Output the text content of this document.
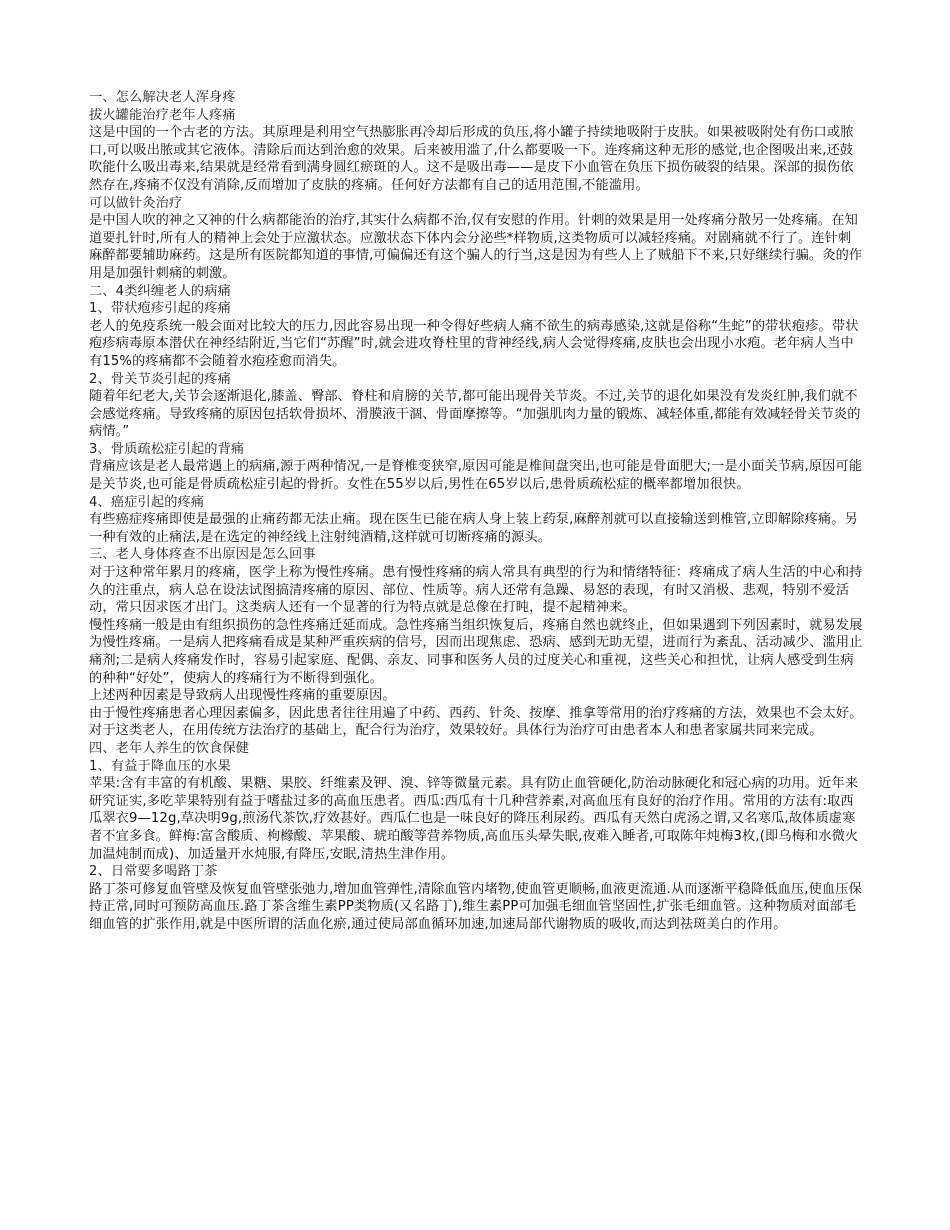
一、怎么解决老人浑身疼
拔火罐能治疗老年人疼痛
这是中国的一个古老的方法。其原理是利用空气热膨胀再冷却后形成的负压,将小罐子持续地吸附于皮肤。如果被吸附处有伤口或脓口,可以吸出脓或其它液体。清除后而达到治愈的效果。后来被用滥了,什么都要吸一下。连疼痛这种无形的感觉,也企图吸出来,还鼓吹能什么吸出毒来,结果就是经常看到满身圆红瘀斑的人。这不是吸出毒——是皮下小血管在负压下损伤破裂的结果。深部的损伤依然存在,疼痛不仅没有消除,反而增加了皮肤的疼痛。任何好方法都有自己的适用范围,不能滥用。
可以做针灸治疗
是中国人吹的神之又神的什么病都能治的治疗,其实什么病都不治,仅有安慰的作用。针刺的效果是用一处疼痛分散另一处疼痛。在知道要扎针时,所有人的精神上会处于应激状态。应激状态下体内会分泌些*样物质,这类物质可以减轻疼痛。对剧痛就不行了。连针刺麻醉都要辅助麻药。这是所有医院都知道的事情,可偏偏还有这个骗人的行当,这是因为有些人上了贼船下不来,只好继续行骗。灸的作用是加强针刺痛的刺激。
二、4类纠缠老人的病痛
1、带状疱疹引起的疼痛
老人的免疫系统一般会面对比较大的压力,因此容易出现一种令得好些病人痛不欲生的病毒感染,这就是俗称“生蛇”的带状疱疹。带状疱疹病毒原本潜伏在神经结附近,当它们“苏醒”时,就会进攻脊柱里的背神经线,病人会觉得疼痛,皮肤也会出现小水疱。老年病人当中有15%的疼痛都不会随着水疱痊愈而消失。
2、骨关节炎引起的疼痛
随着年纪老大,关节会逐渐退化,膝盖、臀部、脊柱和肩膀的关节,都可能出现骨关节炎。不过,关节的退化如果没有发炎红肿,我们就不会感觉疼痛。导致疼痛的原因包括软骨损坏、滑膜液干涸、骨面摩擦等。“加强肌肉力量的锻炼、减轻体重,都能有效减轻骨关节炎的病情。”
3、骨质疏松症引起的背痛
背痛应该是老人最常遇上的病痛,源于两种情况,一是脊椎变狭窄,原因可能是椎间盘突出,也可能是骨面肥大;一是小面关节病,原因可能是关节炎,也可能是骨质疏松症引起的骨折。女性在55岁以后,男性在65岁以后,患骨质疏松症的概率都增加很快。
4、癌症引起的疼痛
有些癌症疼痛即使是最强的止痛药都无法止痛。现在医生已能在病人身上装上药泵,麻醉剂就可以直接输送到椎管,立即解除疼痛。另一种有效的止痛法,是在选定的神经线上注射纯酒精,这样就可切断疼痛的源头。
三、老人身体疼查不出原因是怎么回事
对于这种常年累月的疼痛，医学上称为慢性疼痛。患有慢性疼痛的病人常具有典型的行为和情绪特征：疼痛成了病人生活的中心和持久的注重点，病人总在设法试图搞清疼痛的原因、部位、性质等。病人还常有急躁、易怒的表现，有时又消极、悲观，特别不爱活动，常只因求医才出门。这类病人还有一个显著的行为特点就是总像在打盹，提不起精神来。
慢性疼痛一般是由有组织损伤的急性疼痛迁延而成。急性疼痛当组织恢复后，疼痛自然也就终止，但如果遇到下列因素时，就易发展为慢性疼痛。一是病人把疼痛看成是某种严重疾病的信号，因而出现焦虑、恐病、感到无助无望，进而行为紊乱、活动减少、滥用止痛剂;二是病人疼痛发作时，容易引起家庭、配偶、亲友、同事和医务人员的过度关心和重视，这些关心和担忧，让病人感受到生病的种种“好处”，使病人的疼痛行为不断得到强化。
上述两种因素是导致病人出现慢性疼痛的重要原因。
由于慢性疼痛患者心理因素偏多，因此患者往往用遍了中药、西药、针灸、按摩、推拿等常用的治疗疼痛的方法，效果也不会太好。对于这类老人，在用传统方法治疗的基础上，配合行为治疗，效果较好。具体行为治疗可由患者本人和患者家属共同来完成。
四、老年人养生的饮食保健
1、有益于降血压的水果
苹果:含有丰富的有机酸、果糖、果胶、纤维素及钾、溴、锌等微量元素。具有防止血管硬化,防治动脉硬化和冠心病的功用。近年来研究证实,多吃苹果特别有益于嗜盐过多的高血压患者。西瓜:西瓜有十几种营养素,对高血压有良好的治疗作用。常用的方法有:取西瓜翠衣9—12g,草决明9g,煎汤代茶饮,疗效甚好。西瓜仁也是一味良好的降压利尿药。西瓜有天然白虎汤之谓,又名寒瓜,故体质虚寒者不宜多食。鲜梅:富含酸质、枸橼酸、苹果酸、琥珀酸等营养物质,高血压头晕失眠,夜难入睡者,可取陈年炖梅3枚,(即乌梅和水微火加温炖制而成)、加适量开水炖服,有降压,安眠,清热生津作用。
2、日常要多喝路丁茶
路丁茶可修复血管壁及恢复血管壁张弛力,增加血管弹性,清除血管内堵物,使血管更顺畅,血液更流通.从而逐渐平稳降低血压,使血压保持正常,同时可预防高血压.路丁茶含维生素PP类物质(又名路丁),维生素PP可加强毛细血管坚固性,扩张毛细血管。这种物质对面部毛细血管的扩张作用,就是中医所谓的活血化瘀,通过使局部血循环加速,加速局部代谢物质的吸收,而达到祛斑美白的作用。
